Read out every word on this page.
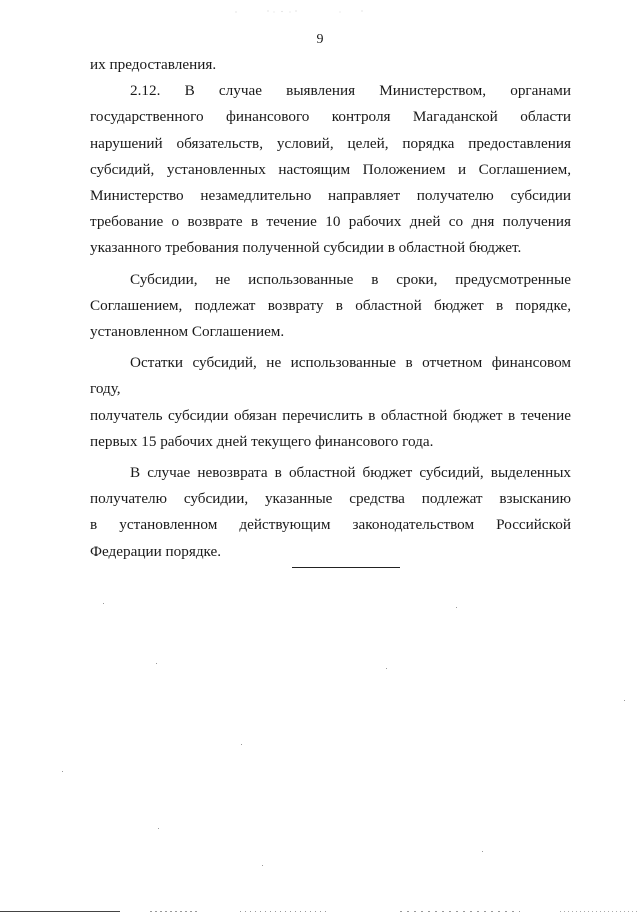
9
их предоставления.
2.12. В случае выявления Министерством, органами
государственного финансового контроля Магаданской области
нарушений обязательств, условий, целей, порядка предоставления
субсидий, установленных настоящим Положением и Соглашением,
Министерство незамедлительно направляет получателю субсидии
требование о возврате в течение 10 рабочих дней со дня получения
указанного требования полученной субсидии в областной бюджет.
Субсидии, не использованные в сроки, предусмотренные
Соглашением, подлежат возврату в областной бюджет в порядке,
установленном Соглашением.
Остатки субсидий, не использованные в отчетном финансовом году,
получатель субсидии обязан перечислить в областной бюджет в течение
первых 15 рабочих дней текущего финансового года.
В случае невозврата в областной бюджет субсидий, выделенных
получателю субсидии, указанные средства подлежат взысканию
в установленном действующим законодательством Российской
Федерации порядке.
